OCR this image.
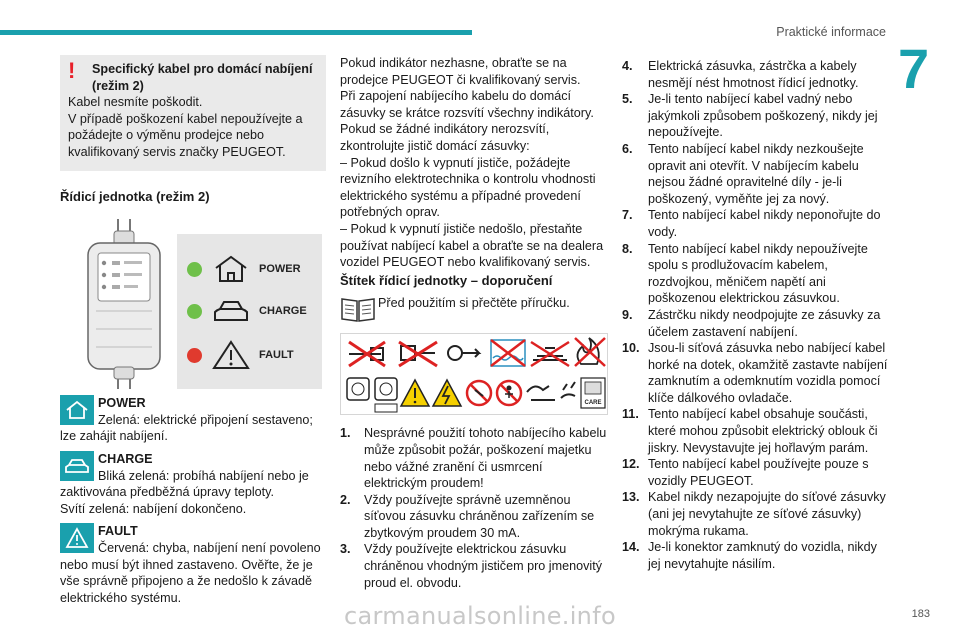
Praktické informace
7
183
carmanualsonline.info
!	Specifický kabel pro domácí nabíjení (režim 2)
Kabel nesmíte poškodit.
V případě poškození kabel nepoužívejte a požádejte o výměnu prodejce nebo kvalifikovaný servis značky PEUGEOT.
Řídicí jednotka (režim 2)
POWER
CHARGE
FAULT
POWER
Zelená: elektrické připojení sestaveno; lze zahájit nabíjení.
CHARGE
Bliká zelená: probíhá nabíjení nebo je zaktivována předběžná úpravy teploty.
Svítí zelená: nabíjení dokončeno.
FAULT
Červená: chyba, nabíjení není povoleno nebo musí být ihned zastaveno. Ověřte, že je vše správně připojeno a že nedošlo k závadě elektrického systému.
Pokud indikátor nezhasne, obraťte se na prodejce PEUGEOT či kvalifikovaný servis.
Při zapojení nabíjecího kabelu do domácí zásuvky se krátce rozsvítí všechny indikátory.
Pokud se žádné indikátory nerozsvítí, zkontrolujte jistič domácí zásuvky:
– Pokud došlo k vypnutí jističe, požádejte revizního elektrotechnika o kontrolu vhodnosti elektrického systému a případné provedení potřebných oprav.
– Pokud k vypnutí jističe nedošlo, přestaňte používat nabíjecí kabel a obraťte se na dealera vozidel PEUGEOT nebo kvalifikovaný servis.
Štítek řídicí jednotky – doporučení
Před použitím si přečtěte příručku.
CARE
1. Nesprávné použití tohoto nabíjecího kabelu může způsobit požár, poškození majetku nebo vážné zranění či usmrcení elektrickým proudem!
2. Vždy používejte správně uzemněnou síťovou zásuvku chráněnou zařízením se zbytkovým proudem 30 mA.
3. Vždy používejte elektrickou zásuvku chráněnou vhodným jističem pro jmenovitý proud el. obvodu.
4. Elektrická zásuvka, zástrčka a kabely nesmějí nést hmotnost řídicí jednotky.
5. Je-li tento nabíjecí kabel vadný nebo jakýmkoli způsobem poškozený, nikdy jej nepoužívejte.
6. Tento nabíjecí kabel nikdy nezkoušejte opravit ani otevřít. V nabíjecím kabelu nejsou žádné opravitelné díly - je-li poškozený, vyměňte jej za nový.
7. Tento nabíjecí kabel nikdy neponořujte do vody.
8. Tento nabíjecí kabel nikdy nepoužívejte spolu s prodlužovacím kabelem, rozdvojkou, měničem napětí ani poškozenou elektrickou zásuvkou.
9. Zástrčku nikdy neodpojujte ze zásuvky za účelem zastavení nabíjení.
10. Jsou-li síťová zásuvka nebo nabíjecí kabel horké na dotek, okamžitě zastavte nabíjení zamknutím a odemknutím vozidla pomocí klíče dálkového ovladače.
11. Tento nabíjecí kabel obsahuje součásti, které mohou způsobit elektrický oblouk či jiskry. Nevystavujte jej hořlavým parám.
12. Tento nabíjecí kabel používejte pouze s vozidly PEUGEOT.
13. Kabel nikdy nezapojujte do síťové zásuvky (ani jej nevytahujte ze síťové zásuvky) mokrýma rukama.
14. Je-li konektor zamknutý do vozidla, nikdy jej nevytahujte násilím.
